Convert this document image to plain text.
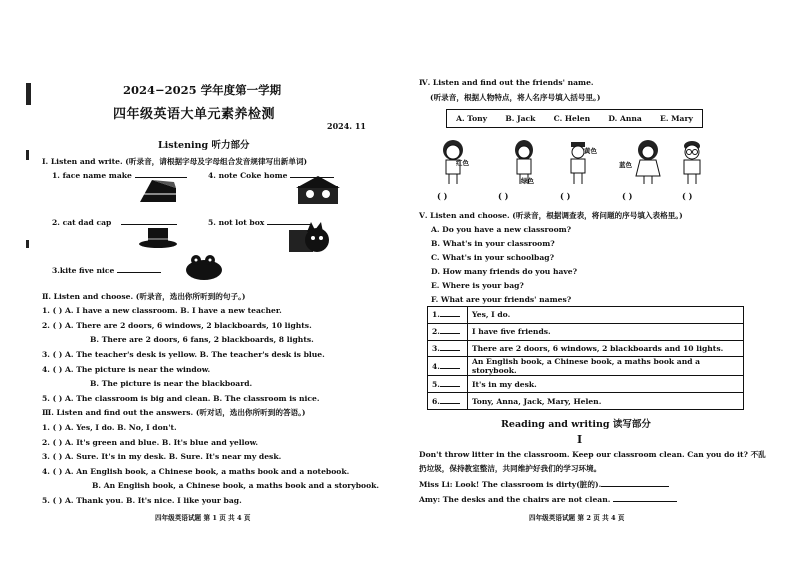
2024−2025 学年度第一学期
四年级英语大单元素养检测
2024. 11
Listening 听力部分
Ⅰ. Listen and write. (听录音，请根据字母及字母组合发音规律写出新单词)
1. face name make	4. note Coke home
2. cat dad cap	5. not lot box
3.kite five nice
Ⅱ. Listen and choose. (听录音，选出你所听到的句子。)
1. ( ) A. I have a new classroom. B. I have a new teacher.
2. ( ) A. There are 2 doors, 6 windows, 2 blackboards, 10 lights.
B. There are 2 doors, 6 fans, 2 blackboards, 8 lights.
3. ( ) A. The teacher's desk is yellow. B. The teacher's desk is blue.
4. ( ) A. The picture is near the window.
B. The picture is near the blackboard.
5. ( ) A. The classroom is big and clean. B. The classroom is nice.
Ⅲ. Listen and find out the answers. (听对话，选出你所听到的答语。)
1. ( ) A. Yes, I do. B. No, I don't.
2. ( ) A. It's green and blue. B. It's blue and yellow.
3. ( ) A. Sure. It's in my desk. B. Sure. It's near my desk.
4. ( ) A. An English book, a Chinese book, a maths book and a notebook.
B. An English book, a Chinese book, a maths book and a storybook.
5. ( ) A. Thank you. B. It's nice. I like your bag.
四年级英语试题 第 1 页 共 4 页
Ⅳ. Listen and find out the friends' name.
(听录音，根据人物特点，将人名序号填入括号里。)
A. Tony B. Jack C. Helen D. Anna E. Mary
红色
绿色
黄色
蓝色
( )	( )	( )	( )	( )
Ⅴ. Listen and choose. (听录音，根据调查表，将问题的序号填入表格里。)
A. Do you have a new classroom?
B. What's in your classroom?
C. What's in your schoolbag?
D. How many friends do you have?
E. Where is your bag?
F. What are your friends' names?
1.	Yes, I do.
2.	I have five friends.
3.	There are 2 doors, 6 windows, 2 blackboards and 10 lights.
4.	An English book, a Chinese book, a maths book and a storybook.
5.	It's in my desk.
6.	Tony, Anna, Jack, Mary, Helen.
Reading and writing 读写部分
I
Don't throw litter in the classroom. Keep our classroom clean. Can you do it? 不乱
扔垃圾，保持教室整洁，共同维护好我们的学习环境。
Miss Li: Look! The classroom is dirty(脏的).
Amy: The desks and the chairs are not clean.
四年级英语试题 第 2 页 共 4 页
